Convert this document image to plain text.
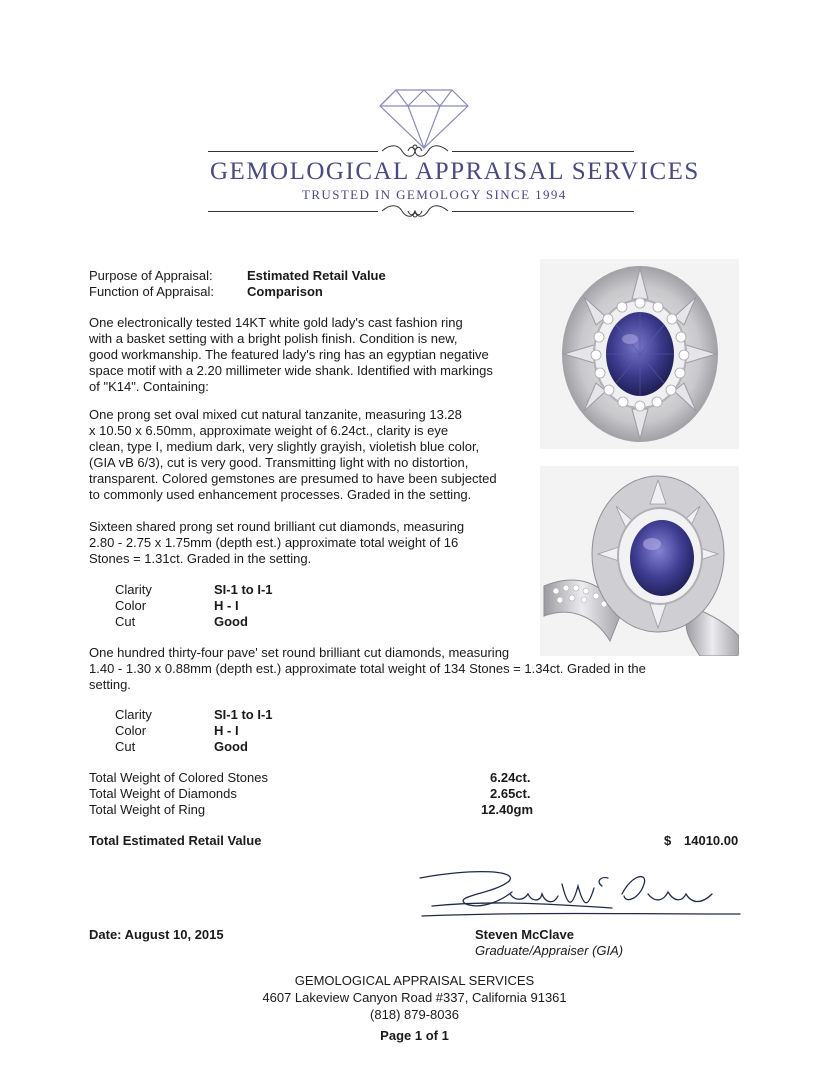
GEMOLOGICAL APPRAISAL SERVICES
TRUSTED IN GEMOLOGY SINCE 1994
Purpose of Appraisal:	Estimated Retail Value
Function of Appraisal:	Comparison
One electronically tested 14KT white gold lady's cast fashion ring
with a basket setting with a bright polish finish. Condition is new,
good workmanship. The featured lady's ring has an egyptian negative
space motif with a 2.20 millimeter wide shank. Identified with markings
of "K14". Containing:
One prong set oval mixed cut natural tanzanite, measuring 13.28
x 10.50 x 6.50mm, approximate weight of 6.24ct., clarity is eye
clean, type I, medium dark, very slightly grayish, violetish blue color,
(GIA vB 6/3), cut is very good. Transmitting light with no distortion,
transparent. Colored gemstones are presumed to have been subjected
to commonly used enhancement processes. Graded in the setting.
Sixteen shared prong set round brilliant cut diamonds, measuring
2.80 - 2.75 x 1.75mm (depth est.) approximate total weight of 16
Stones = 1.31ct. Graded in the setting.
Clarity	SI-1 to I-1
Color	H - I
Cut	Good
One hundred thirty-four pave' set round brilliant cut diamonds, measuring
1.40 - 1.30 x 0.88mm (depth est.) approximate total weight of 134 Stones = 1.34ct. Graded in the
setting.
Clarity	SI-1 to I-1
Color	H - I
Cut	Good
Total Weight of Colored Stones	6.24ct.
Total Weight of Diamonds	2.65ct.
Total Weight of Ring	12.40gm
Total Estimated Retail Value	$ 14010.00
Date: August 10, 2015	Steven McClave
Graduate/Appraiser (GIA)
GEMOLOGICAL APPRAISAL SERVICES
4607 Lakeview Canyon Road #337, California 91361
(818) 879-8036
Page 1 of 1
